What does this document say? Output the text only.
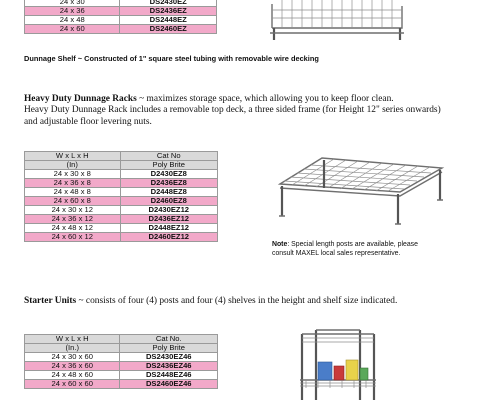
24 x 30	DS2430EZ
24 x 36	DS2436EZ
24 x 48	DS2448EZ
24 x 60	DS2460EZ
Dunnage Shelf ~ Constructed of 1" square steel tubing with removable wire decking
Heavy Duty Dunnage Racks ~ maximizes storage space, which allowing you to keep floor clean.
Heavy Duty Dunnage Rack includes a removable top deck, a three sided frame (for Height 12" series onwards)
and adjustable floor levering nuts.
W x L x H	Cat No
(In)	Poly Brite
24 x 30 x 8	D2430EZ8
24 x 36 x 8	D2436EZ8
24 x 48 x 8	D2448EZ8
24 x 60 x 8	D2460EZ8
24 x 30 x 12	D2430EZ12
24 x 36 x 12	D2436EZ12
24 x 48 x 12	D2448EZ12
24 x 60 x 12	D2460EZ12
Note: Special length posts are available, please
consult MAXEL local sales representative.
Starter Units ~ consists of four (4) posts and four (4) shelves in the height and shelf size indicated.
W x L x H	Cat No.
(In.)	Poly Brite
24 x 30 x 60	DS2430EZ46
24 x 36 x 60	DS2436EZ46
24 x 48 x 60	DS2448EZ46
24 x 60 x 60	DS2460EZ46
